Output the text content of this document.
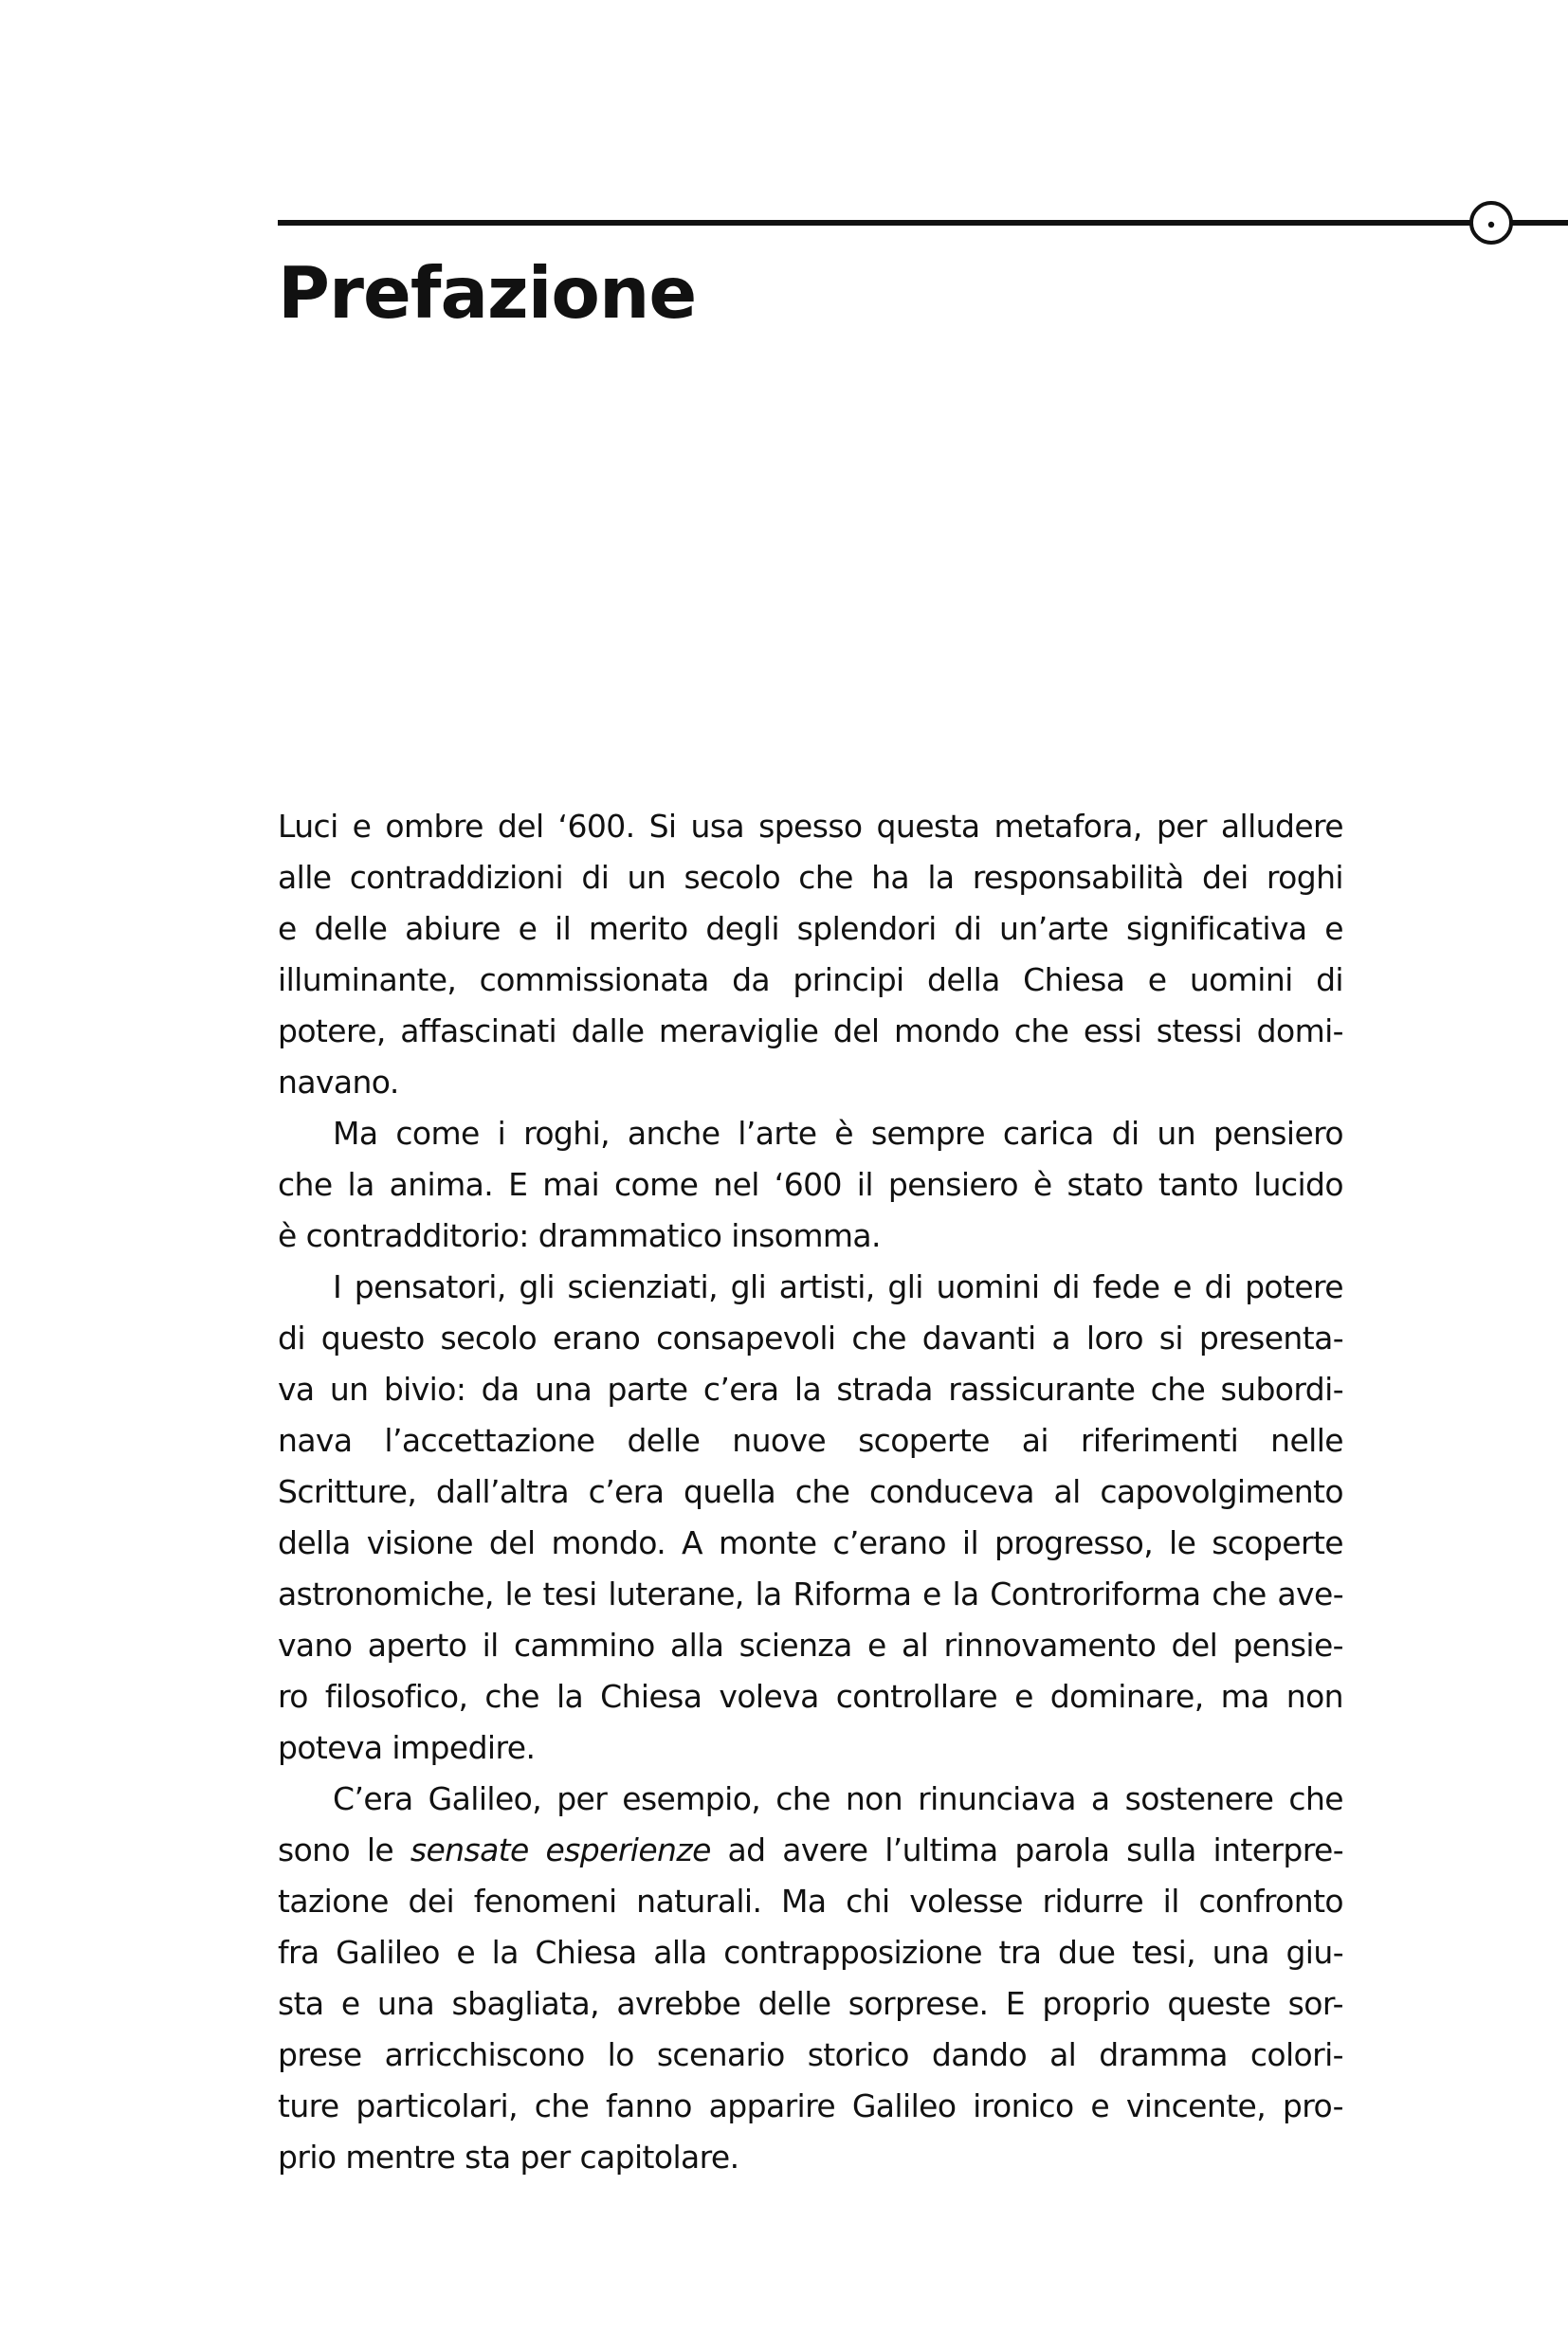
Prefazione
Luci e ombre del ‘600. Si usa spesso questa metafora, per alludere
alle contraddizioni di un secolo che ha la responsabilità dei roghi
e delle abiure e il merito degli splendori di un’arte significativa e
illuminante, commissionata da principi della Chiesa e uomini di
potere, affascinati dalle meraviglie del mondo che essi stessi domi-
navano.
Ma come i roghi, anche l’arte è sempre carica di un pensiero
che la anima. E mai come nel ‘600 il pensiero è stato tanto lucido
è contradditorio: drammatico insomma.
I pensatori, gli scienziati, gli artisti, gli uomini di fede e di potere
di questo secolo erano consapevoli che davanti a loro si presenta-
va un bivio: da una parte c’era la strada rassicurante che subordi-
nava l’accettazione delle nuove scoperte ai riferimenti nelle
Scritture, dall’altra c’era quella che conduceva al capovolgimento
della visione del mondo. A monte c’erano il progresso, le scoperte
astronomiche, le tesi luterane, la Riforma e la Controriforma che ave-
vano aperto il cammino alla scienza e al rinnovamento del pensie-
ro filosofico, che la Chiesa voleva controllare e dominare, ma non
poteva impedire.
C’era Galileo, per esempio, che non rinunciava a sostenere che
sono le sensate esperienze ad avere l’ultima parola sulla interpre-
tazione dei fenomeni naturali. Ma chi volesse ridurre il confronto
fra Galileo e la Chiesa alla contrapposizione tra due tesi, una giu-
sta e una sbagliata, avrebbe delle sorprese. E proprio queste sor-
prese arricchiscono lo scenario storico dando al dramma colori-
ture particolari, che fanno apparire Galileo ironico e vincente, pro-
prio mentre sta per capitolare.
